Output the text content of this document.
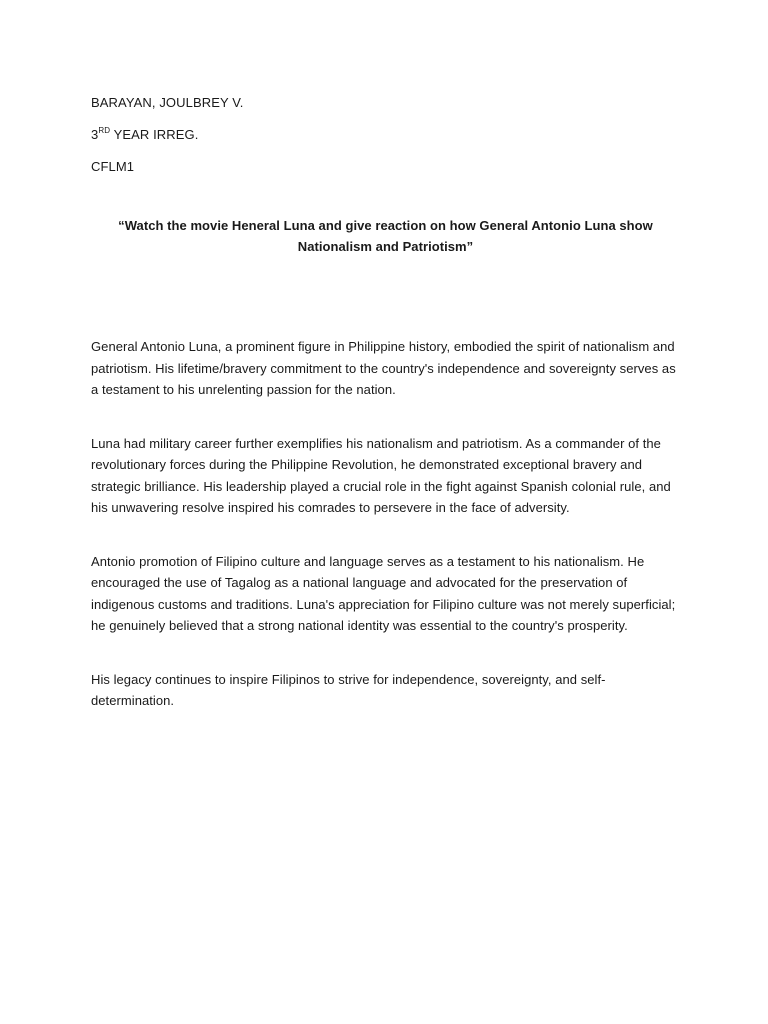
BARAYAN, JOULBREY V.
3RD YEAR IRREG.
CFLM1
“Watch the movie Heneral Luna and give reaction on how General Antonio Luna show Nationalism and Patriotism”

General Antonio Luna, a prominent figure in Philippine history, embodied the spirit of nationalism and patriotism. His lifetime/bravery commitment to the country's independence and sovereignty serves as a testament to his unrelenting passion for the nation.

Luna had military career further exemplifies his nationalism and patriotism. As a commander of the revolutionary forces during the Philippine Revolution, he demonstrated exceptional bravery and strategic brilliance. His leadership played a crucial role in the fight against Spanish colonial rule, and his unwavering resolve inspired his comrades to persevere in the face of adversity.

Antonio promotion of Filipino culture and language serves as a testament to his nationalism. He encouraged the use of Tagalog as a national language and advocated for the preservation of indigenous customs and traditions. Luna's appreciation for Filipino culture was not merely superficial; he genuinely believed that a strong national identity was essential to the country's prosperity.

His legacy continues to inspire Filipinos to strive for independence, sovereignty, and self-determination.
